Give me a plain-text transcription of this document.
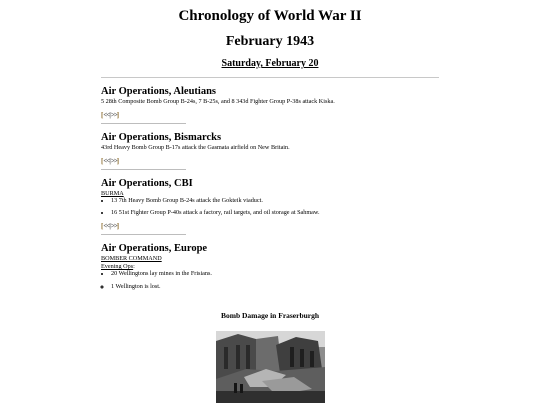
Chronology of World War II
February 1943
Saturday, February 20
Air Operations, Aleutians
5 28th Composite Bomb Group B-24s, 7 B-25s, and 8 343d Fighter Group P-38s attack Kiska.
[<<|>>]
Air Operations, Bismarcks
43rd Heavy Bomb Group B-17s attack the Gasmata airfield on New Britain.
[<<|>>]
Air Operations, CBI
BURMA
• 13 7th Heavy Bomb Group B-24s attack the Gokteik viaduct.
• 16 51st Fighter Group P-40s attack a factory, rail targets, and oil storage at Sahmaw.
[<<|>>]
Air Operations, Europe
BOMBER COMMAND
Evening Ops:
• 20 Wellingtons lay mines in the Frisians.
◦ 1 Wellington is lost.
Bomb Damage in Fraserburgh
